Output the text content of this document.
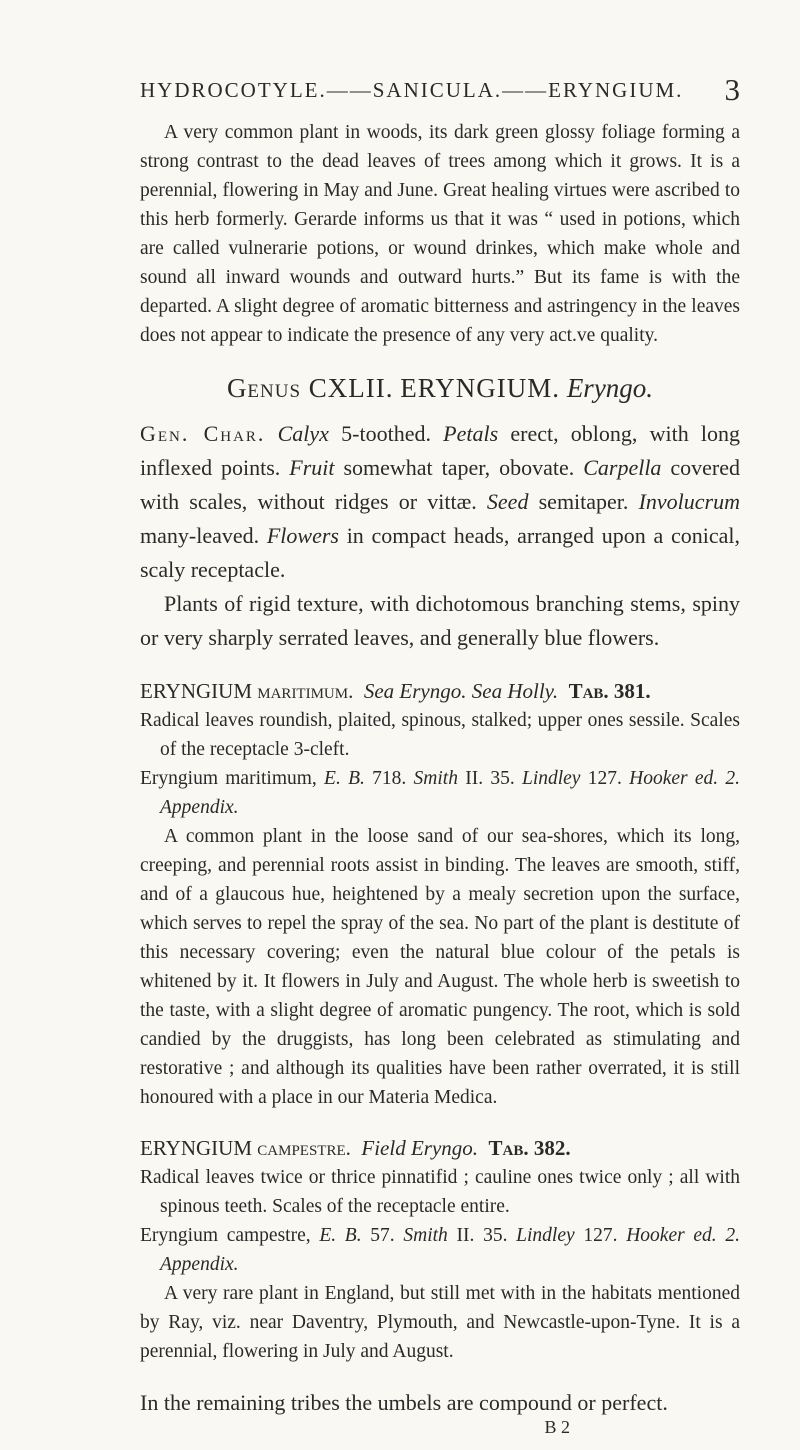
HYDROCOTYLE.——SANICULA.——ERYNGIUM. 3

A very common plant in woods, its dark green glossy foliage forming a strong contrast to the dead leaves of trees among which it grows. It is a perennial, flowering in May and June. Great healing virtues were ascribed to this herb formerly. Gerarde informs us that it was “ used in potions, which are called vulnerarie potions, or wound drinkes, which make whole and sound all inward wounds and outward hurts.” But its fame is with the departed. A slight degree of aromatic bitterness and astringency in the leaves does not appear to indicate the presence of any very act.ve quality.

Genus CXLII. ERYNGIUM. Eryngo.

Gen. Char. Calyx 5-toothed. Petals erect, oblong, with long inflexed points. Fruit somewhat taper, obovate. Carpella covered with scales, without ridges or vittæ. Seed semitaper. Involucrum many-leaved. Flowers in compact heads, arranged upon a conical, scaly receptacle.

Plants of rigid texture, with dichotomous branching stems, spiny or very sharply serrated leaves, and generally blue flowers.

ERYNGIUM maritimum. Sea Eryngo. Sea Holly. Tab. 381.

Radical leaves roundish, plaited, spinous, stalked; upper ones sessile. Scales of the receptacle 3-cleft.

Eryngium maritimum, E. B. 718. Smith II. 35. Lindley 127. Hooker ed. 2. Appendix.

A common plant in the loose sand of our sea-shores, which its long, creeping, and perennial roots assist in binding. The leaves are smooth, stiff, and of a glaucous hue, heightened by a mealy secretion upon the surface, which serves to repel the spray of the sea. No part of the plant is destitute of this necessary covering; even the natural blue colour of the petals is whitened by it. It flowers in July and August. The whole herb is sweetish to the taste, with a slight degree of aromatic pungency. The root, which is sold candied by the druggists, has long been celebrated as stimulating and restorative ; and although its qualities have been rather overrated, it is still honoured with a place in our Materia Medica.

ERYNGIUM campestre. Field Eryngo. Tab. 382.

Radical leaves twice or thrice pinnatifid ; cauline ones twice only ; all with spinous teeth. Scales of the receptacle entire.

Eryngium campestre, E. B. 57. Smith II. 35. Lindley 127. Hooker ed. 2. Appendix.

A very rare plant in England, but still met with in the habitats mentioned by Ray, viz. near Daventry, Plymouth, and Newcastle-upon-Tyne. It is a perennial, flowering in July and August.

In the remaining tribes the umbels are compound or perfect.

B 2
